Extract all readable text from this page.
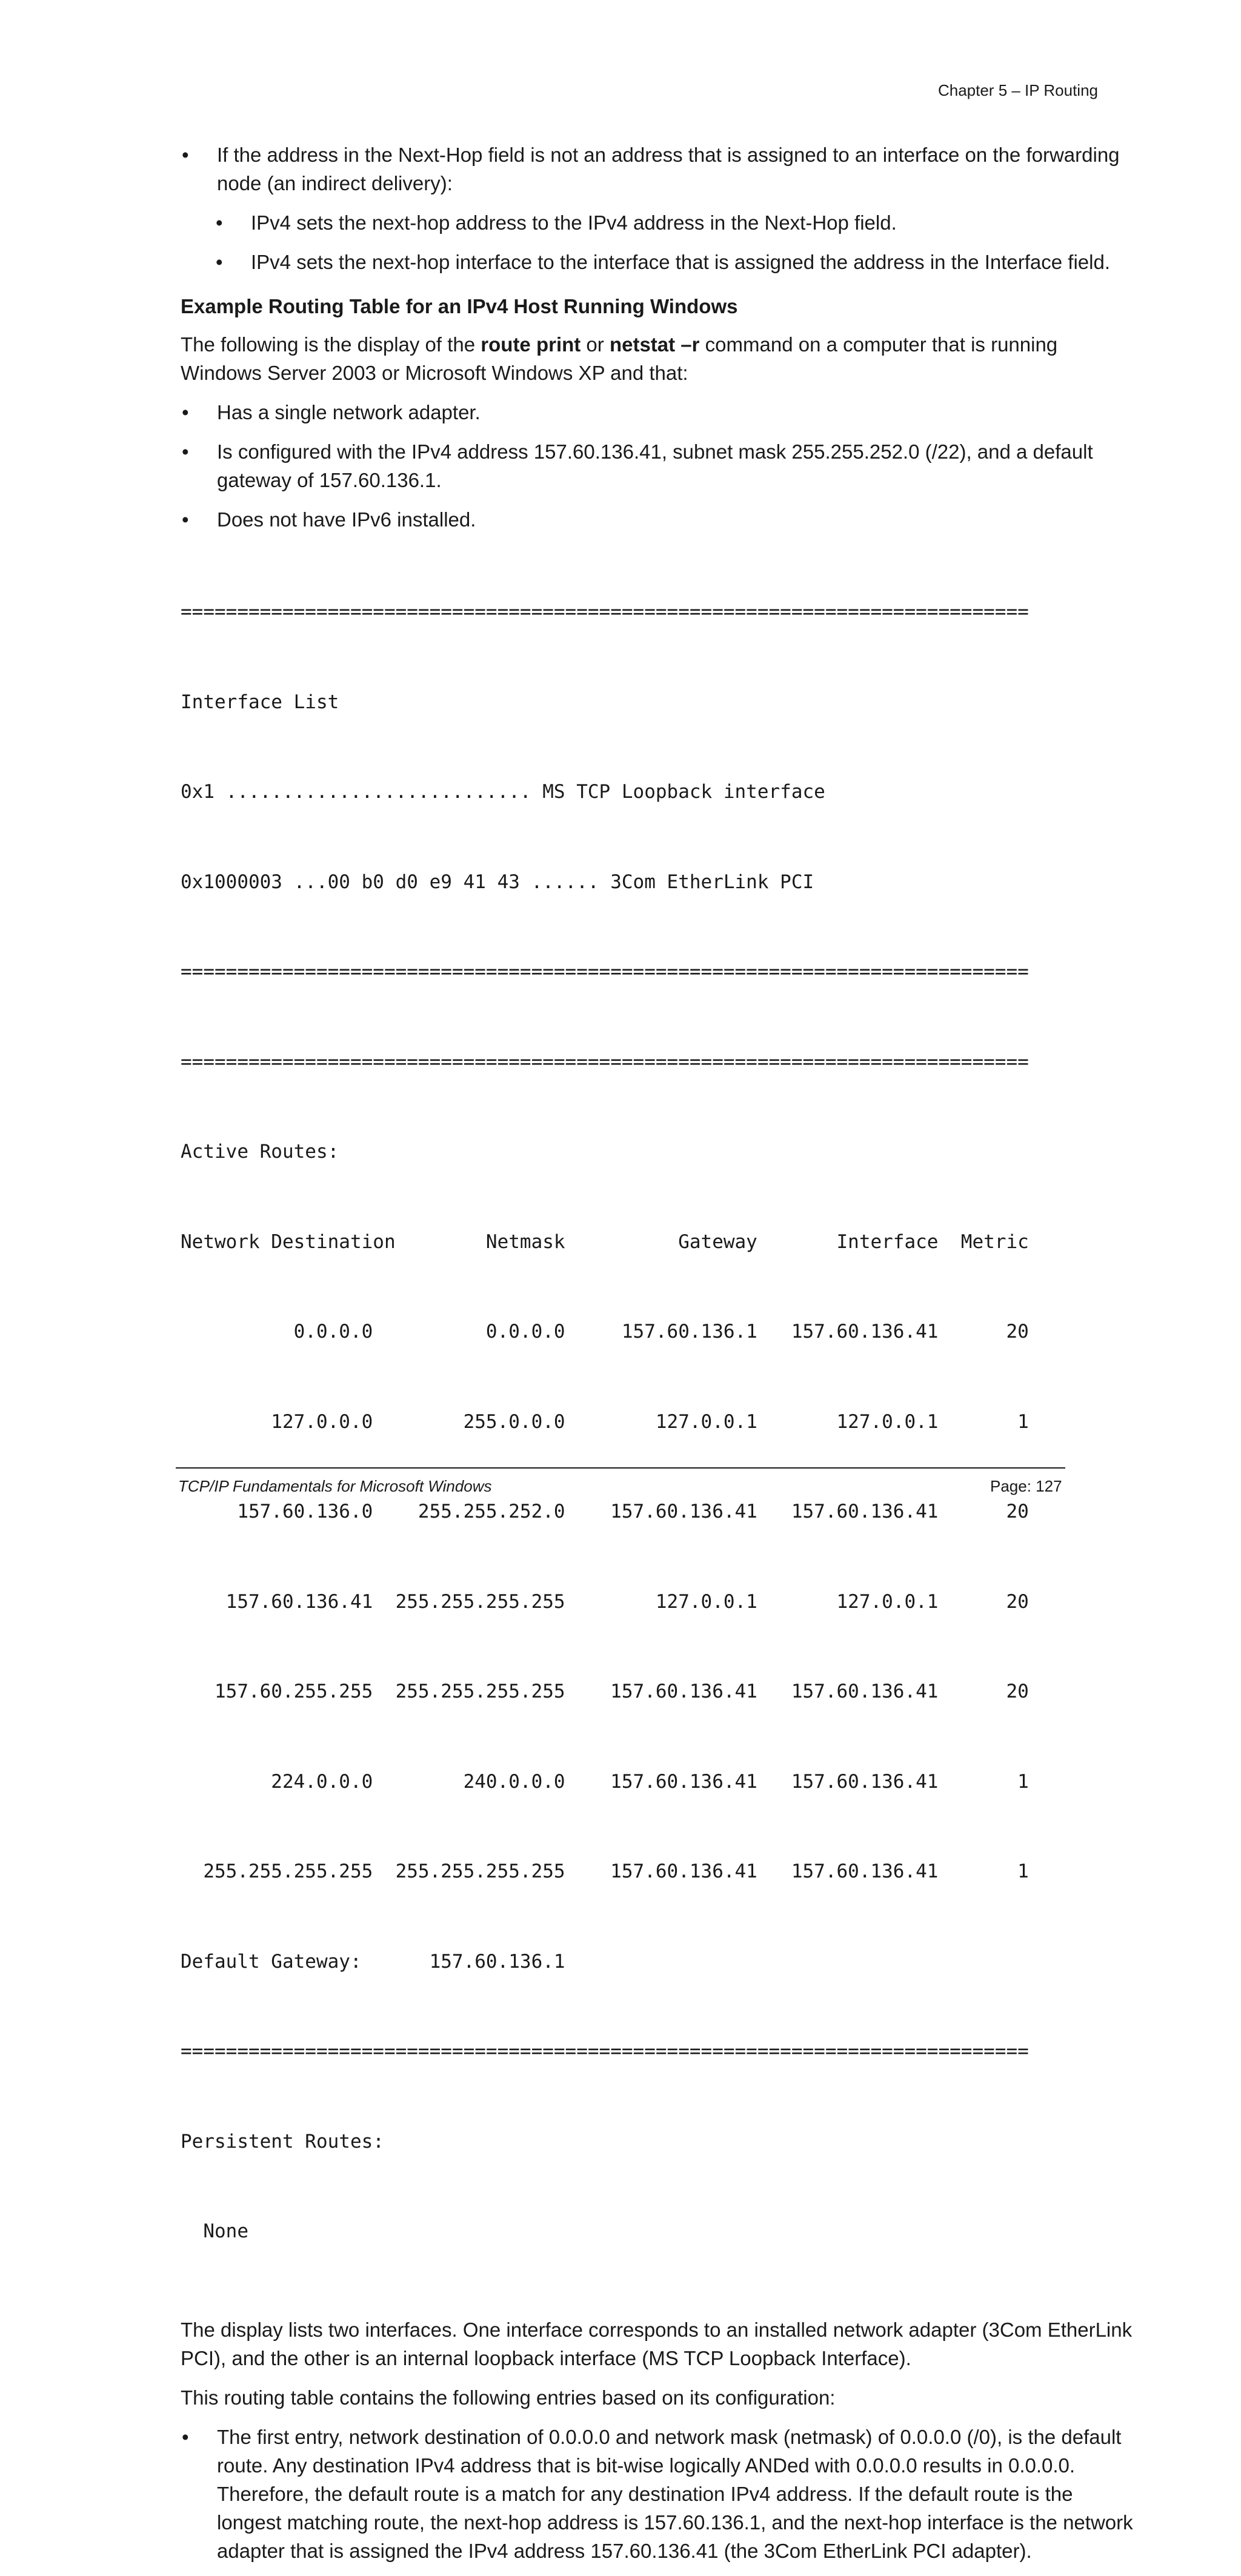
Chapter 5 – IP Routing
• If the address in the Next-Hop field is not an address that is assigned to an interface on the forwarding node (an indirect delivery):
• IPv4 sets the next-hop address to the IPv4 address in the Next-Hop field.
• IPv4 sets the next-hop interface to the interface that is assigned the address in the Interface field.
Example Routing Table for an IPv4 Host Running Windows
The following is the display of the route print or netstat –r command on a computer that is running Windows Server 2003 or Microsoft Windows XP and that:
• Has a single network adapter.
• Is configured with the IPv4 address 157.60.136.41, subnet mask 255.255.252.0 (/22), and a default gateway of 157.60.136.1.
• Does not have IPv6 installed.

===========================================================================

Interface List

0x1 ........................... MS TCP Loopback interface

0x1000003 ...00 b0 d0 e9 41 43 ...... 3Com EtherLink PCI

===========================================================================

===========================================================================

Active Routes:

Network Destination        Netmask          Gateway       Interface  Metric

0.0.0.0          0.0.0.0     157.60.136.1   157.60.136.41      20

127.0.0.0        255.0.0.0        127.0.0.1       127.0.0.1       1

157.60.136.0    255.255.252.0    157.60.136.41   157.60.136.41      20

157.60.136.41  255.255.255.255        127.0.0.1       127.0.0.1      20

157.60.255.255  255.255.255.255    157.60.136.41   157.60.136.41      20

224.0.0.0        240.0.0.0    157.60.136.41   157.60.136.41       1

255.255.255.255  255.255.255.255    157.60.136.41   157.60.136.41       1

Default Gateway:      157.60.136.1

===========================================================================

Persistent Routes:

None

The display lists two interfaces. One interface corresponds to an installed network adapter (3Com EtherLink PCI), and the other is an internal loopback interface (MS TCP Loopback Interface).
This routing table contains the following entries based on its configuration:
• The first entry, network destination of 0.0.0.0 and network mask (netmask) of 0.0.0.0 (/0), is the default route. Any destination IPv4 address that is bit-wise logically ANDed with 0.0.0.0 results in 0.0.0.0. Therefore, the default route is a match for any destination IPv4 address. If the default route is the longest matching route, the next-hop address is 157.60.136.1, and the next-hop interface is the network adapter that is assigned the IPv4 address 157.60.136.41 (the 3Com EtherLink PCI adapter).
TCP/IP Fundamentals for Microsoft Windows	Page: 127
